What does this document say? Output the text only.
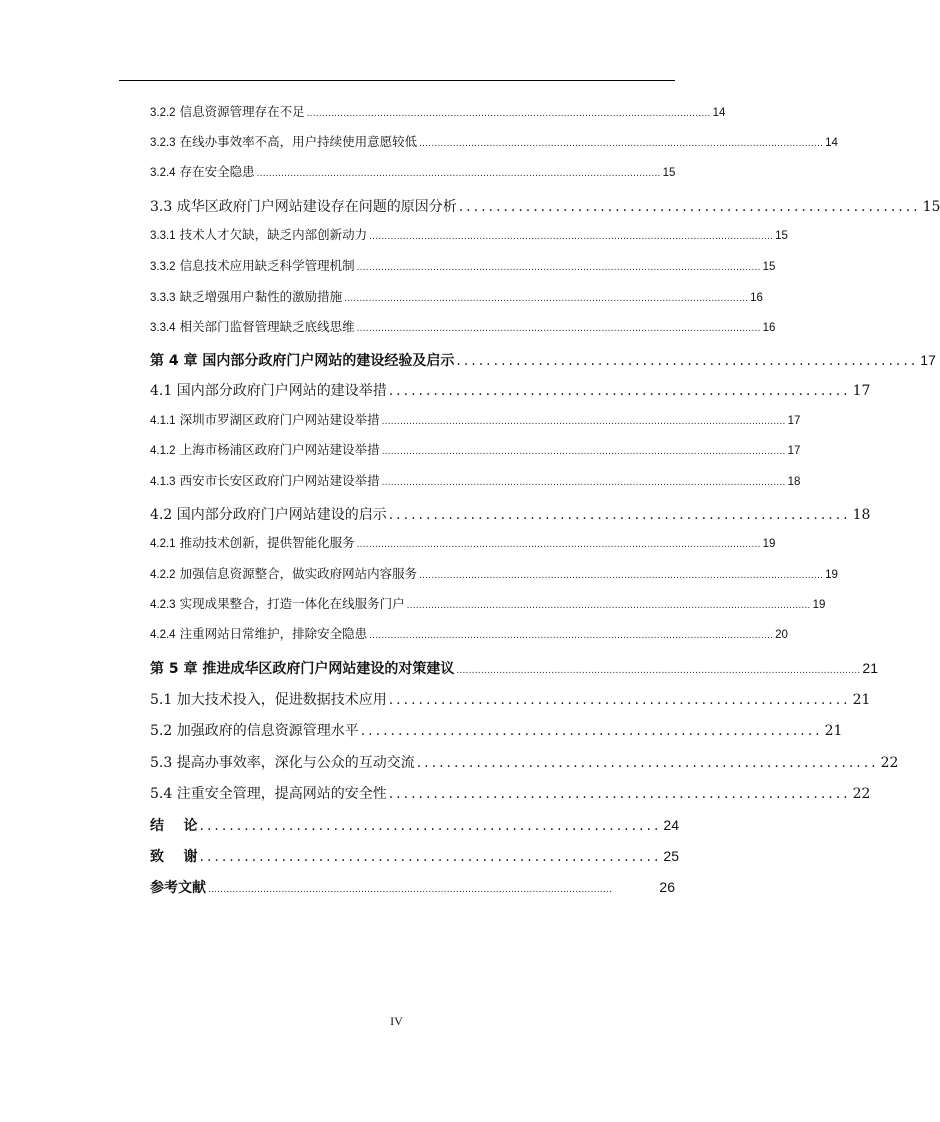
3.2.2 信息资源管理存在不足 .................................................................................................................................... 14
3.2.3 在线办事效率不高，用户持续使用意愿较低 .................................................................................................................................... 14
3.2.4 存在安全隐患 .................................................................................................................................... 15
3.3 成华区政府门户网站建设存在问题的原因分析 .............................................................. 15
3.3.1 技术人才欠缺，缺乏内部创新动力 .................................................................................................................................... 15
3.3.2 信息技术应用缺乏科学管理机制 .................................................................................................................................... 15
3.3.3 缺乏增强用户黏性的激励措施 .................................................................................................................................... 16
3.3.4 相关部门监督管理缺乏底线思维 .................................................................................................................................... 16
第 4 章 国内部分政府门户网站的建设经验及启示 .............................................................. 17
4.1 国内部分政府门户网站的建设举措 .............................................................. 17
4.1.1 深圳市罗湖区政府门户网站建设举措 .................................................................................................................................... 17
4.1.2 上海市杨浦区政府门户网站建设举措 .................................................................................................................................... 17
4.1.3 西安市长安区政府门户网站建设举措 .................................................................................................................................... 18
4.2 国内部分政府门户网站建设的启示 .............................................................. 18
4.2.1 推动技术创新，提供智能化服务 .................................................................................................................................... 19
4.2.2 加强信息资源整合，做实政府网站内容服务 .................................................................................................................................... 19
4.2.3 实现成果整合，打造一体化在线服务门户 .................................................................................................................................... 19
4.2.4 注重网站日常维护，排除安全隐患 .................................................................................................................................... 20
第 5 章 推进成华区政府门户网站建设的对策建议 .................................................................................................................................... 21
5.1 加大技术投入，促进数据技术应用 .............................................................. 21
5.2 加强政府的信息资源管理水平 .............................................................. 21
5.3 提高办事效率，深化与公众的互动交流 .............................................................. 22
5.4 注重安全管理，提高网站的安全性 .............................................................. 22
结    论 .............................................................. 24
致    谢 .............................................................. 25
参考文献 ....................................................................................................................................	26
IV
